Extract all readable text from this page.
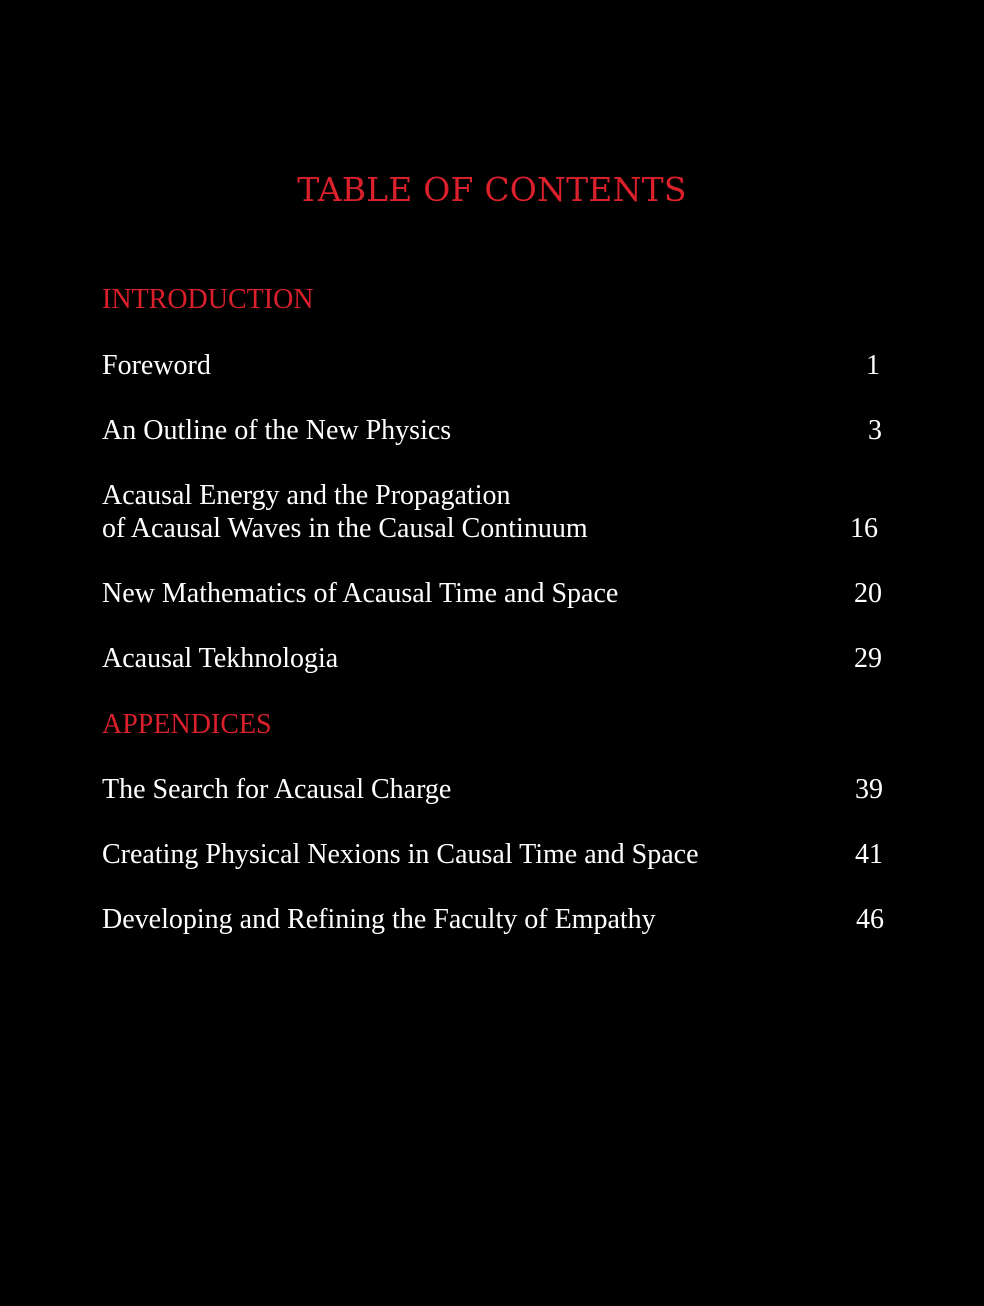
TABLE OF CONTENTS
INTRODUCTION
Foreword	1
An Outline of the New Physics	3
Acausal Energy and the Propagation
of Acausal Waves in the Causal Continuum	16
New Mathematics of Acausal Time and Space	20
Acausal Tekhnologia	29
APPENDICES
The Search for Acausal Charge	39
Creating Physical Nexions in Causal Time and Space	41
Developing and Refining the Faculty of Empathy	46
